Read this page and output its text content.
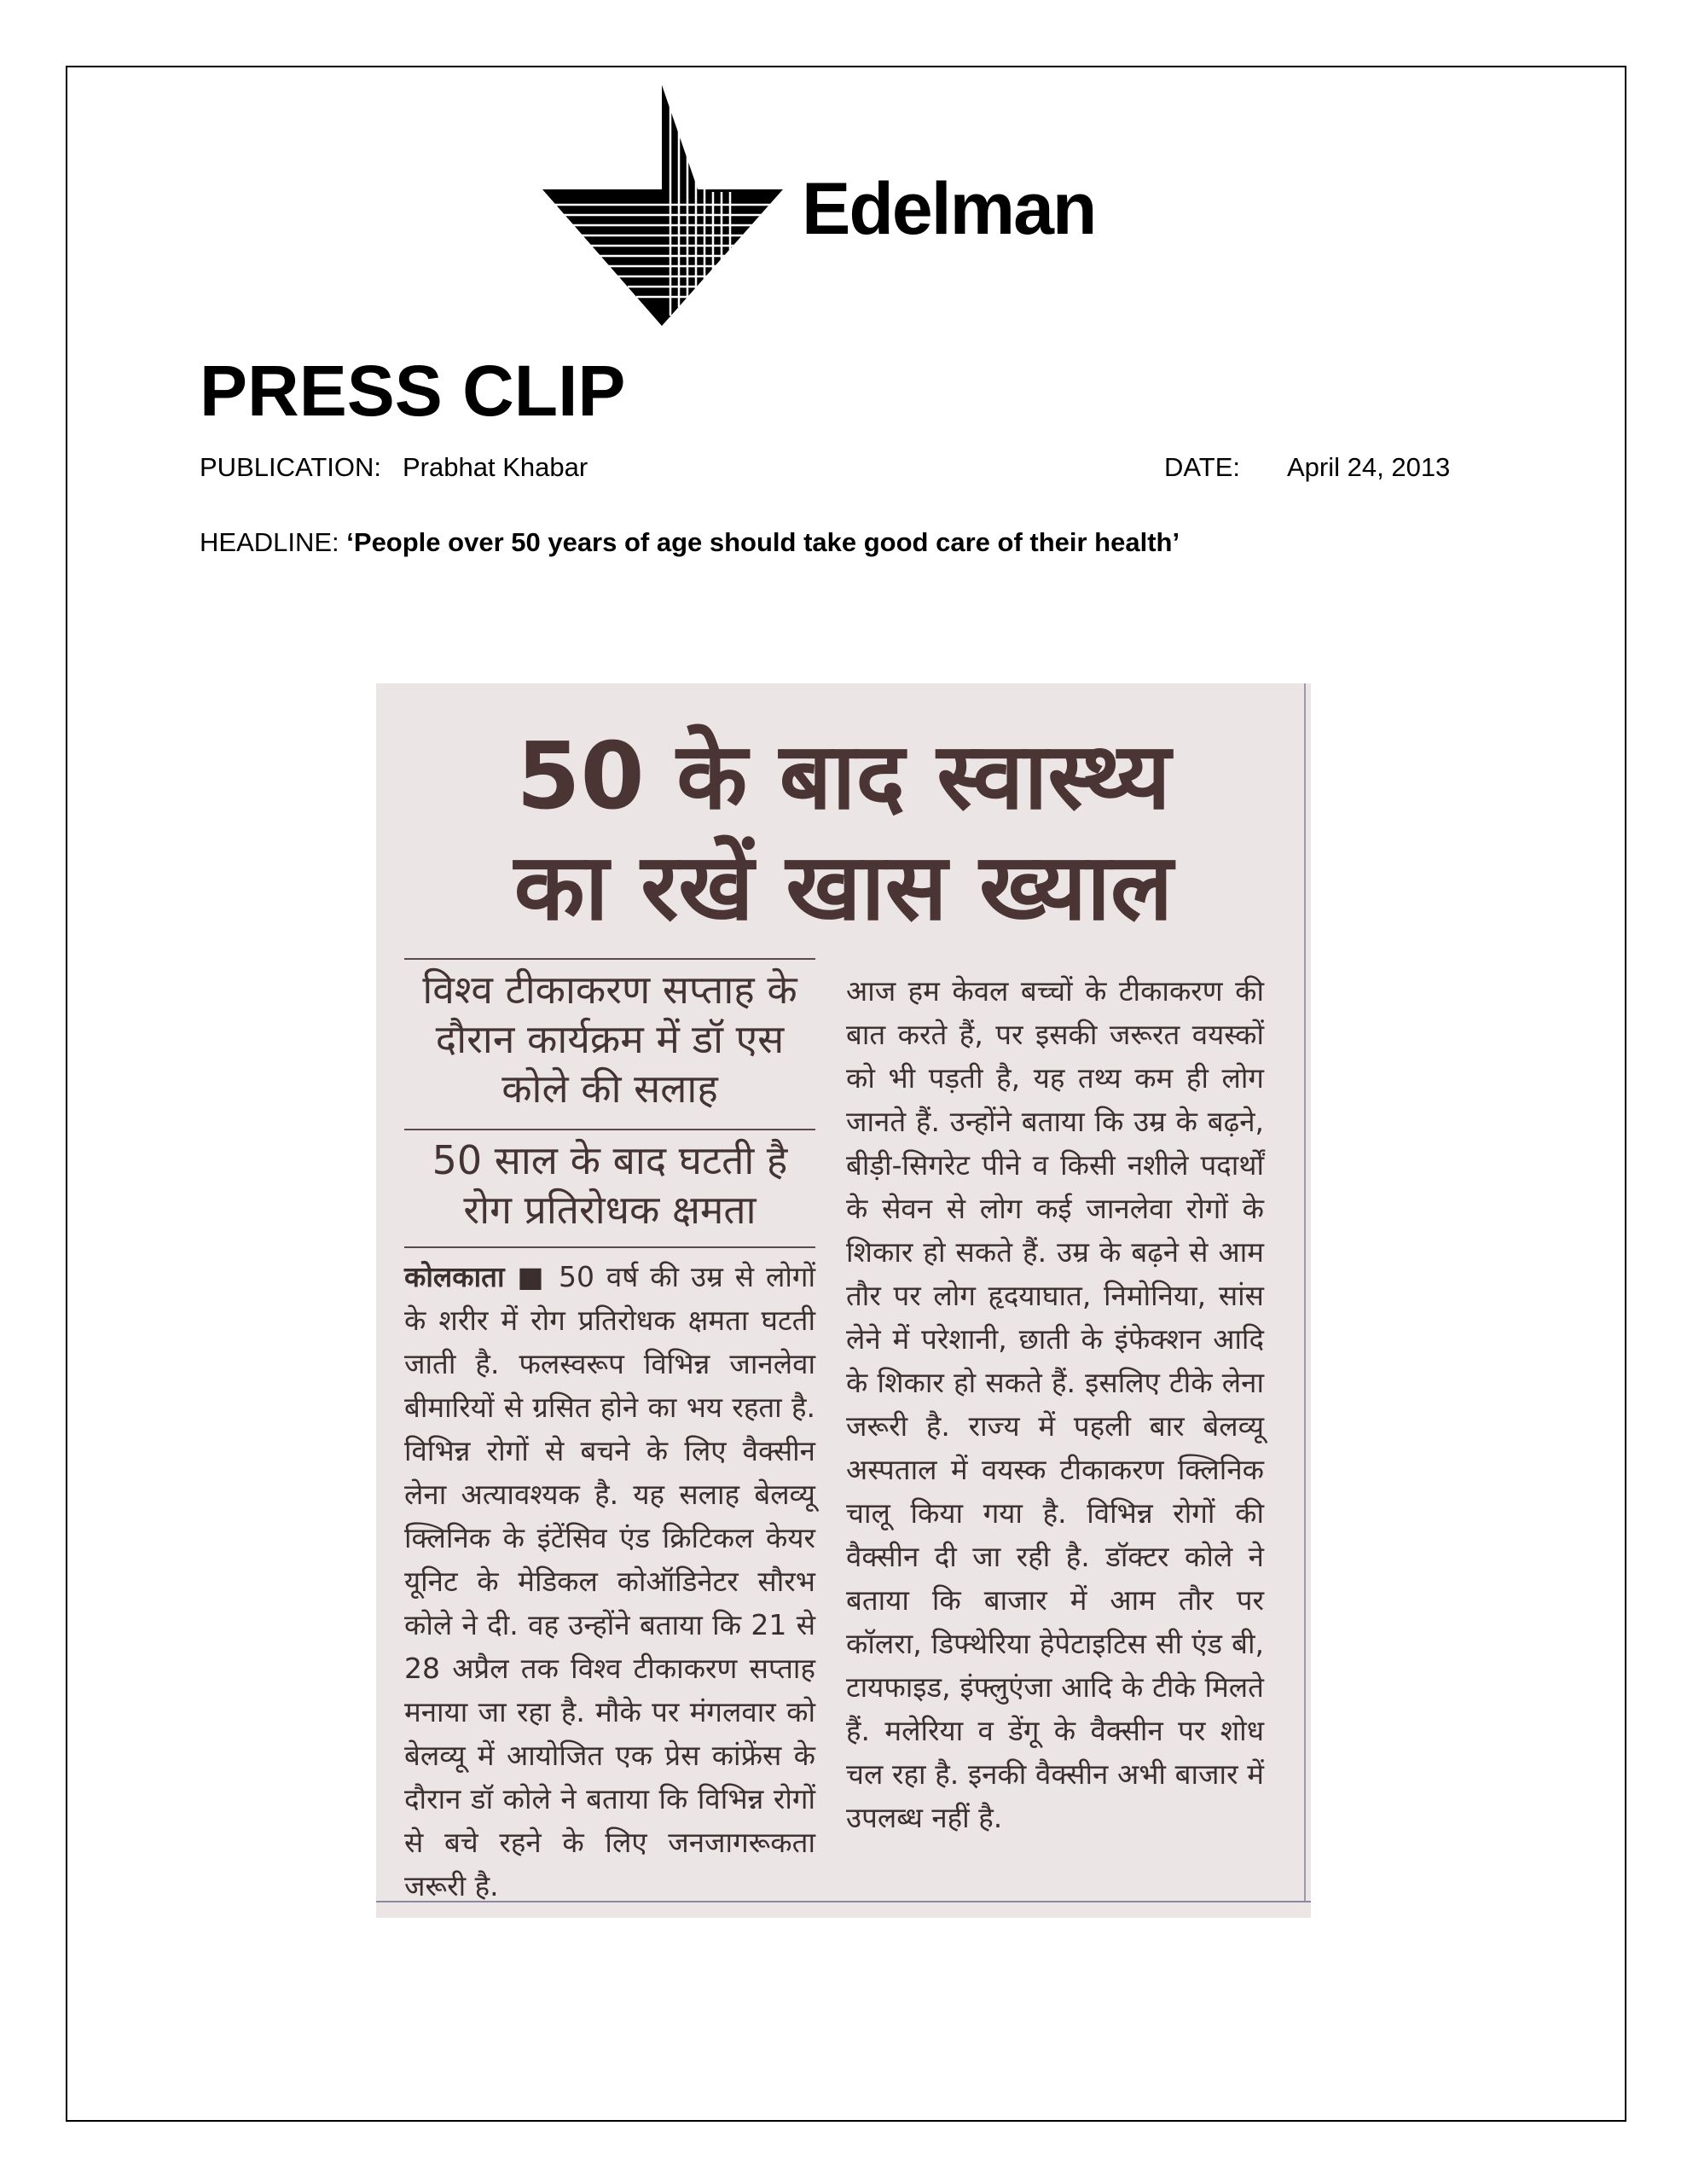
Edelman
PRESS CLIP
PUBLICATION: Prabhat Khabar	DATE: April 24, 2013
HEADLINE: ‘People over 50 years of age should take good care of their health’
50 के बाद स्वास्थ्य
का रखें खास ख्याल
विश्व टीकाकरण सप्ताह के दौरान कार्यक्रम में डॉ एस कोले की सलाह
50 साल के बाद घटती है रोग प्रतिरोधक क्षमता
कोलकाता ■ 50 वर्ष की उम्र से लोगों के शरीर में रोग प्रतिरोधक क्षमता घटती जाती है. फलस्वरूप विभिन्न जानलेवा बीमारियों से ग्रसित होने का भय रहता है. विभिन्न रोगों से बचने के लिए वैक्सीन लेना अत्यावश्यक है. यह सलाह बेलव्यू क्लिनिक के इंटेंसिव एंड क्रिटिकल केयर यूनिट के मेडिकल कोऑडिनेटर सौरभ कोले ने दी. वह उन्होंने बताया कि 21 से 28 अप्रैल तक विश्व टीकाकरण सप्ताह मनाया जा रहा है. मौके पर मंगलवार को बेलव्यू में आयोजित एक प्रेस कांफ्रेंस के दौरान डॉ कोले ने बताया कि विभिन्न रोगों से बचे रहने के लिए जनजागरूकता जरूरी है.
आज हम केवल बच्चों के टीकाकरण की बात करते हैं, पर इसकी जरूरत वयस्कों को भी पड़ती है, यह तथ्य कम ही लोग जानते हैं. उन्होंने बताया कि उम्र के बढ़ने, बीड़ी-सिगरेट पीने व किसी नशीले पदार्थों के सेवन से लोग कई जानलेवा रोगों के शिकार हो सकते हैं. उम्र के बढ़ने से आम तौर पर लोग हृदयाघात, निमोनिया, सांस लेने में परेशानी, छाती के इंफेक्शन आदि के शिकार हो सकते हैं. इसलिए टीके लेना जरूरी है. राज्य में पहली बार बेलव्यू अस्पताल में वयस्क टीकाकरण क्लिनिक चालू किया गया है. विभिन्न रोगों की वैक्सीन दी जा रही है. डॉक्टर कोले ने बताया कि बाजार में आम तौर पर कॉलरा, डिफ्थेरिया हेपेटाइटिस सी एंड बी, टायफाइड, इंफ्लुएंजा आदि के टीके मिलते हैं. मलेरिया व डेंगू के वैक्सीन पर शोध चल रहा है. इनकी वैक्सीन अभी बाजार में उपलब्ध नहीं है.
